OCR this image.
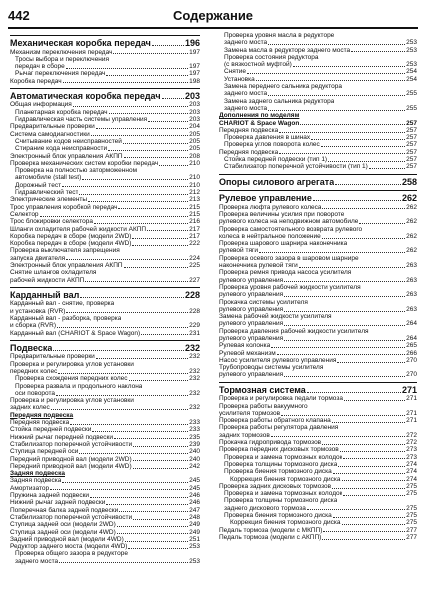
442	Содержание
Механическая коробка передач	196
Механизм переключения передач	197
Тросы выбора и переключения
передач в сборе	197
Рычаг переключения передач	197
Коробка передач	198
Автоматическая коробка передач	203
Общая информация	203
Планетарная коробка передач	203
Гидравлическая часть системы управления	203
Предварительные проверки	204
Система самодиагностики	205
Считывание кодов неисправностей	205
Стирание кода неисправности	205
Электронный блок управления АКПП	208
Проверка механических систем коробки передач	210
Проверка на полностью заторможенном
автомобиле (stall test)	210
Дорожный тест	210
Гидравлический тест	212
Электрические элементы	213
Трос управления коробкой передач	215
Селектор	215
Трос блокировки селектора	216
Шланги охладителя рабочей жидкости АКПП	217
Коробка передач в сборе (модели 2WD)	217
Коробка передач в сборе (модели 4WD)	222
Проверка выключателя запрещения
запуска двигателя	224
Электронный блок управления АКПП	225
Снятие шлангов охладителя
рабочей жидкости АКПП	227
Карданный вал	228
Карданный вал - снятие, проверка
и установка (RVR)	228
Карданный вал - разборка, проверка
и сборка (RVR)	229
Карданный вал (CHARIOT & Space Wagon)	231
Подвеска	232
Предварительные проверки	232
Проверка и регулировка углов установки
передних колес	232
Проверка схождения передних колес	232
Проверка развала и продольного наклона
оси поворота	232
Проверка и регулировка углов установки
задних колес	232
Передняя подвеска
Передняя подвеска	233
Стойка передней подвески	233
Нижний рычаг передней подвески	235
Стабилизатор поперечной устойчивости	239
Ступица передней оси	240
Передний приводной вал (модели 2WD)	240
Передний приводной вал (модели 4WD)	242
Задняя подвеска
Задняя подвеска	245
Амортизатор	245
Пружина задней подвески	246
Нижний рычаг задней подвески	246
Поперечная балка задней подвески	247
Стабилизатор поперечной устойчивости	248
Ступица задней оси (модели 2WD)	249
Ступица задней оси (модели 4WD)	249
Задний приводной вал (модели 4WD)	251
Редуктор заднего моста (модели 4WD)	253
Проверка общего зазора в редукторе
заднего моста	253
Проверка уровня масла в редукторе
заднего моста	253
Замена масла в редукторе заднего моста	253
Проверка состояния редуктора
(с вязкостной муфтой)	253
Снятие	254
Установка	254
Замена переднего сальника редуктора
заднего моста	255
Замена заднего сальника редуктора
заднего моста	255
Дополнения по моделям
CHARIOT & Space Wagon	257
Передняя подвеска	257
Проверка давления в шинах	257
Проверка углов поворота колес	257
Передняя подвеска	257
Стойка передней подвески (тип 1)	257
Стабилизатор поперечной устойчивости (тип 1)	257
Опоры силового агрегата	258
Рулевое управление	262
Проверка люфта рулевого колеса	262
Проверка величины усилия при повороте
рулевого колеса на неподвижном автомобиле	262
Проверка самостоятельного возврата рулевого
колеса в нейтральное положение	262
Проверка шарового шарнира наконечника
рулевой тяги	262
Проверка осевого зазора в шаровом шарнире
наконечника рулевой тяги	263
Проверка ремня привода насоса усилителя
рулевого управления	263
Проверка уровня рабочей жидкости усилителя
рулевого управления	263
Прокачка системы усилителя
рулевого управления	263
Замена рабочей жидкости усилителя
рулевого управления	264
Проверка давления рабочей жидкости усилителя
рулевого управления	264
Рулевая колонка	265
Рулевой механизм	266
Насос усилителя рулевого управления	270
Трубопроводы системы усилителя
рулевого управления	270
Тормозная система	271
Проверка и регулировка педали тормоза	271
Проверка работы вакуумного
усилителя тормозов	271
Проверка работы обратного клапана	271
Проверка работы регулятора давления
задних тормозов	272
Прокачка гидропривода тормозов	272
Проверка передних дисковых тормозов	273
Проверка и замена тормозных колодок	273
Проверка толщины тормозного диска	274
Проверка биения тормозного диска	274
Коррекция биения тормозного диска	274
Проверка задних дисковых тормозов	275
Проверка и замена тормозных колодок	275
Проверка толщины тормозного диска
заднего дискового тормоза	275
Проверка биения тормозного диска	275
Коррекция биения тормозного диска	275
Педаль тормоза (модели с МКПП)	277
Педаль тормоза (модели с АКПП)	277
